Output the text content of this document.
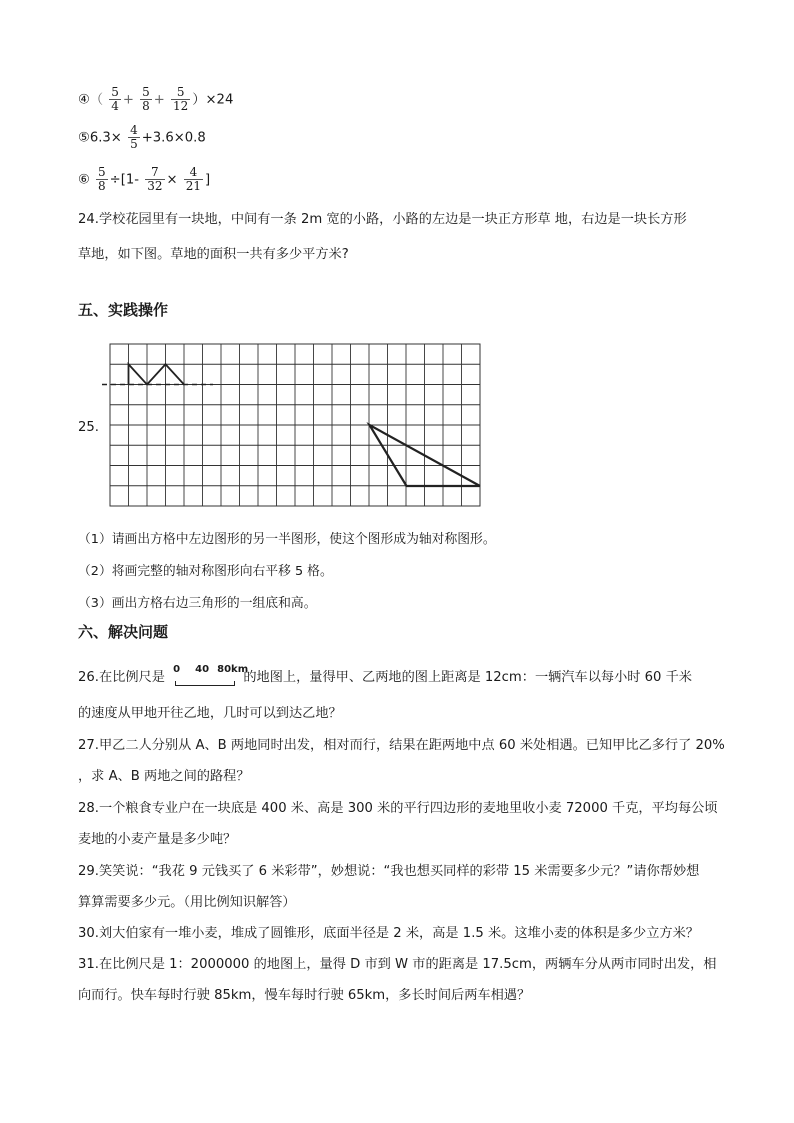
④（ $\frac{5}{4} + \frac{5}{8} + \frac{5}{12} )\times 24$
⑤6.3× $\frac{4}{5} +3.6\times 0.8$
⑥ $\frac{5}{8} \div[1- \frac{7}{32} \times \frac{4}{21}$ ]
24.学校花园里有一块地，中间有一条 2m 宽的小路，小路的左边是一块正方形草 地，右边是一块长方形
草地，如下图。草地的面积一共有多少平方米?
五、实践操作
25.
（1）请画出方格中左边图形的另一半图形，使这个图形成为轴对称图形。
（2）将画完整的轴对称图形向右平移 5 格。
（3）画出方格右边三角形的一组底和高。
六、解决问题
26.在比例尺是
0 40 80km
的地图上，量得甲、乙两地的图上距离是 12cm：一辆汽车以每小时 60 千米
的速度从甲地开往乙地，几时可以到达乙地？
27.甲乙二人分别从 A、B 两地同时出发，相对而行，结果在距两地中点 60 米处相遇。已知甲比乙多行了 20%
，求 A、B 两地之间的路程？
28.一个粮食专业户在一块底是 400 米、高是 300 米的平行四边形的麦地里收小麦 72000 千克，平均每公顷
麦地的小麦产量是多少吨？
29.笑笑说：“我花 9 元钱买了 6 米彩带”，妙想说：“我也想买同样的彩带 15 米需要多少元？”请你帮妙想
算算需要多少元。（用比例知识解答）
30.刘大伯家有一堆小麦，堆成了圆锥形，底面半径是 2 米，高是 1.5 米。这堆小麦的体积是多少立方米？
31.在比例尺是 1：2000000 的地图上，量得 D 市到 W 市的距离是 17.5cm，两辆车分从两市同时出发，相
向而行。快车每时行驶 85km，慢车每时行驶 65km，多长时间后两车相遇？
